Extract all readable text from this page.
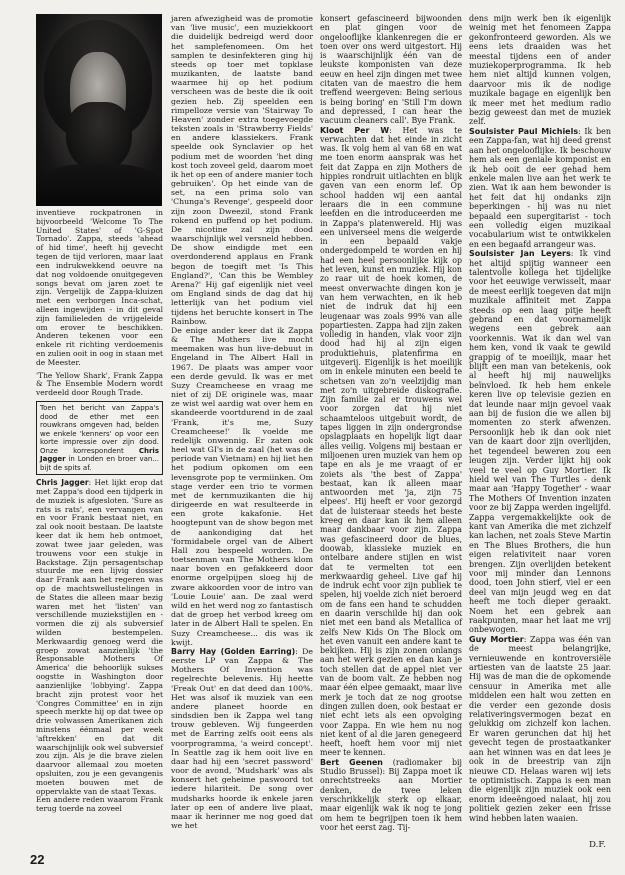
inventieve rockpatronen in bijvoorbeeld 'Welcome To The United States' of 'G-Spot Tornado'. Zappa, steeds 'ahead of hid time', heeft hij gevecht tegen de tijd verloren, maar laat een indrukwekkend oeuvre na dat nog voldoende onuitgegeven songs bevat om jaren zoet te zijn. Vergelijk de Zappa-kluizen met een verborgen Inca-schat, alleen ingewijden - in dit geval zijn familieleden de vrijgeleide om erover te beschikken. Anderen tekenen voor een enkele rit richting verdoemenis en zulien ooit in oog in staan met de Meester.

'The Yellow Shark', Frank Zappa & The Ensemble Modern wordt verdeeld door Rough Trade.

Toen het bericht van Zappa's dood de ether met een rouwkrans omgeven had, belden we enkele 'kenners' op voor een korte impressie over zijn dood. Onze korrespondent Chris Jagger in Londen en broer van... bijt de spits af.

Chris Jagger: Het lijkt erop dat met Zappa's dood een tijdperk in de muziek is afgesloten. 'Sure as rats is rats', een vervangen van en voor Frank bestaat niet, en zal ook nooit bestaan. De laatste keer dat ik hem heb ontmoet, zowat twee jaar geleden, was trouwens voor een stukje in Backstage. Zijn persagentschap stuurde me een lijvig dossier daar Frank aan het regeren was op de machtswellustelingen in de States die alleen maar bezig waren met het 'listen' van verschillende muziekstijlen en -vormen die zij als subversief wilden bestempelen. Merkwaardig genoeg werd die groep zowat aanzienlijk 'the Responsable Mothers Of America' die behoorlijk sukses oogstte in Washington door aanzienlijke 'lobbying'. Zappa bracht zijn protest voor het 'Congres Committee' en in zijn speech merkte hij op dat twee op drie volwassen Amerikanen zich minstens éénmaal per week 'aftrekken' en dat dit waarschijnlijk ook wel subversief zou zijn. Als je die brave zielen daarvoor allemaal zou moeten opsluiten, zou je een gevangenis moeten bouwen met de oppervlakte van de staat Texas.

Een andere reden waarom Frank terug toerde na zoveel

jaren afwezigheid was de promotie van 'live music', een muziekkoort die duidelijk bedreigd werd door het samplefenomeen. Om het samplen te desinfekteren ging hij steeds op toer met topklase muzikanten, de laatste band waarmee hij op het podium verscheen was de beste die ik ooit gezien heb. Zij speelden een rimpelloze versie van 'Stairway To Heaven' zonder extra toegevoegde teksten zoals in 'Strawberry Fields' en andere klassiekers. Frank speelde ook Synclavier op het podium met de woorden 'het ding kost toch zoveel geld, daarom moet ik het op een of andere manier toch gebruiken'. Op het einde van de set, na een prima solo van 'Chunga's Revenge', gespeeld door zijn zoon Dweezil, stond Frank rokend en puffend op het podium. De nicotine zal zijn dood waarschijnlijk wel versneld hebben. De show eindigde met een overdonderend applaus en Frank begon de toegift met 'Is This England?', 'Can this be Wembley Arena?' Hij gaf eigenlijk niet veel om England sinds de dag dat hij letterlijk van het podium viel tijdens het beruchte konsert in The Rainbow.

De enige ander keer dat ik Zappa & The Mothers live mocht meemaken was hun live-debuut in Engeland in The Albert Hall in 1967. De plaats was amper voor een derde gevuld. Ik was er met Suzy Creamcheese en vraag me niet of zij DE originele was, maar ze wist wel aardig wat over hem en skandeerde voortdurend in de zaal 'Frank, it's me, Suzy Creamcheese!' Ik voelde me redelijk onwennig. Er zaten ook heel wat GI's in de zaal (het was de periode van Vietnam) en hij liet hen het podium opkomen om een levensgrote pop te vermiinken. Om stage verder een trio te vormen met de kernmuzikanten die hij dirigeerde en wat resulteerde in een grote kakafonie. Het hoogtepunt van de show begon met de aankondiging dat het 'formidabele orgel van de Albert Hall zou bespeeld worden. De toetsenman van The Mothers klom naar boven en gefakkeerd door enorme orgelpijpen sloeg hij de zware akkoorden voor de intro van 'Louie Louie' aan. De zaal werd wild en het werd nog zo fantastisch dat de groep het verbod kreeg om later in de Albert Hall te spelen. En Suzy Creamcheese... dis was ik kwijt.

Barry Hay (Golden Earring): De eerste LP van Zappa & The Mothers Of Invention was regelrechte belevenis. Hij heette 'Freak Out' en dat deed dan 100%. Het was alsof ik muziek van een andere planeet hoorde en sindsdien ben ik Zappa wel tang trouw gebleven. Wij fungeerden met de Earring zelfs ooit eens als voorprogramma, 'a weird concept'. In Seattle zag ik hem ooit live en daar had hij een 'secret password' voor de avond, 'Mudshark' was als konsert het geheime paswoord tot iedere hilariteit. De song over mudsharks hoorde ik enkele jaren later op een of andere live plaat, maar ik herinner me nog goed dat we het

konsert gefascineerd bijwoonden en plat gingen voor de ongelooflijke klankenregen die er toen over ons werd uitgestort. Hij is waarschijnlijk één van de leukste komponisten van deze eeuw en heel zijn dingen met twee citaten van de maestro die hem treffend weergeven: Being serious is being boring' en 'Still I'm down and depressed, I can hear the vacuum cleaners call'. Bye Frank.

Kloot Per W: Het was te verwachten dat het einde in zicht was. Ik volg hem al van 68 en wat me toen enorm aansprak was het feit dat Zappa en zijn Mothers de hippies rondruit uitlachten en blijk gaven van een enorm lef. Op school hadden wij een aantal leraars die in een commune leefden en die introduceerden me in Zappa's platenwereld. Hij was een universeel mens die weigerde in een bepaald vakje ondergedompeld te worden en hij had een heel persoonlijke kijk op het leven, kunst en muziek. Hij kon zo raar uit de hoek komen, de meest onverwachte dingen kon je van hem verwachten, en ik heb niet de indruk dat hij een leugenaar was zoals 99% van alle popartiesten. Zappa had zijn zaken volledig in handen, vlak voor zijn dood had hij al zijn eigen produktiehuis, platenfirma en uitgeverij. Eigenlijk is het moeilijk om in enkele minuten een beeld te schetsen van zo'n veelzijdig man met zo'n uitgebreide diskografie. Zijn familie zal er trouwens wel voor zorgen dat hij niet schaamteloos uitgebuit wordt, de tapes liggen in zijn ondergrondse opslagplaats en hopelijk ligt daar alles veilig. Volgens mij bestaan er miljoenen uren muziek van hem op tape en als je me vraagt of er zoiets als 'the best of Zappa' bestaat, kan ik alleen maar antwoorden met 'ja, zijn 75 elpees'. Hij heeft er voor gezorgd dat de luisteraar steeds het beste kreeg en daar kan ik hem alleen maar dankbaar voor zijn. Zappa was gefascineerd door de blues, doowab, klassieke muziek en ontelbare andere stijlen en wist dat te vermelten tot een merkwaardig geheel. Live gaf hij de indruk echt voor zijn publiek te spelen, hij voelde zich niet beroerd om de fans een hand te schudden en daarin verschilde hij dan ook niet met een band als Metallica of zelfs New Kids On The Block om het even vanuit een andere kant te bekijken. Hij is zijn zonen onlangs aan het werk gezien en dan kan je toch stellen dat de appel niet ver van de boom valt. Ze hebben nog maar één elpee gemaakt, maar live merk je toch dat ze nog grootse dingen zullen doen, ook bestaat er niet echt iets als een opvolging voor Zappa. En wie hem nu nog niet kent of al die jaren genegeerd heeft, hoeft hem voor mij niet meer te kennen.

Bert Geenen (radiomaker bij Studio Brussel): Bij Zappa moet ik onrechtstreeks aan Mortier denken, de twee leken verschrikkelijk sterk op elkaar, maar eigenlijk wak ik nog te jong om hem te begrijpen toen ik hem voor het eerst zag. Tij-

dens mijn werk ben ik eigenlijk weinig met het fenomeen Zappa gekonfronteerd geworden. Als we eens iets draaiden was het meestal tijdens een of ander muziekoperprogramma. Ik heb hem niet altijd kunnen volgen, daarvoor mis ik de nodige muzikale bagage en eigenlijk ben ik meer met het medium radio bezig geweest dan met de muziek zelf.

Soulsister Paul Michiels: Ik ben een Zappa-fan, wat hij deed grenst aan het ongelooflijke. Ik beschouw hem als een geniale komponist en ik heb ooit de eer gehad hem enkele malen live aan het werk te zien. Wat ik aan hem bewonder is het feit dat hij ondanks zijn beperkingen - hij was nu niet bepaald een supergitarist - toch een volledig eigen muzikaal vocabularium wist te ontwikkelen en een begaafd arrangeur was.

Soulsister Jan Leyers: Ik vind het altijd spijtig wanneer een talentvolle kollega het tijdelijke voor het eeuwige verwisselt, maar de meest eerlijk toegeven dat mijn muzikale affiniteit met Zappa steeds op een laag pitje heeft gebrand en dat voornamelijk wegens een gebrek aan voorkennis. Wat ik dan wel van hem ken, vond ik vaak te gewild grappig of te moeilijk, maar het blijft een man van betekenis, ook al heeft hij mij nauwelijks beïnvloed. Ik heb hem enkele keren live op televisie gezien en dat leunde naar mijn gevoel vaak aan bij de fusion die we allen bij momenten zo sterk afwenzen. Persoonlijk heb ik dan ook niet van de kaart door zijn overlijden, het tegendeel beweren zou een leugen zijn. Verder lijkt hij ook veel te veel op Guy Mortier. Ik hield wel van The Turtles - denk maar aan 'Happy Together' - waar The Mothers Of Invention inzaten voor ze bij Zappa werden ingelijfd. Zappa vergemakkelijkte ook de kant van Amerika die met zichzelf kan lachen, net zoals Steve Martin en The Blues Brothers, die hun eigen relativiteit naar voren brengen. Zijn overlijden betekent voor mij minder dan Lennons dood, toen John stierf, viel er een deel van mijn jeugd weg en dat heeft me toch dieper geraakt. Noem het een gebrek aan raakpunten, maar het laat me vrij onbewogen.

Guy Mortier: Zappa was één van de meest belangrijke, vernieuwende en kontroversiële artiesten van de laatste 25 jaar. Hij was de man die de opkomende censuur in Amerika met alle middelen een halt wou zetten en die verder een gezonde dosis relativeringsvermogen bezat en gelukkig om zichzelf kon lachen. Er waren gerunchen dat hij het gevecht tegen de prostaatkanker aan het winnen was en dat lees je ook in de breestrip van zijn nieuwe CD. Helaas waren wij iets te optimistisch. Zappa is een man die eigenlijk zijn muziek ook een enorm ideeëngoed nalaat, hij zou politiek gezien zeker een frisse wind hebben laten waaien.

D.F.
22
